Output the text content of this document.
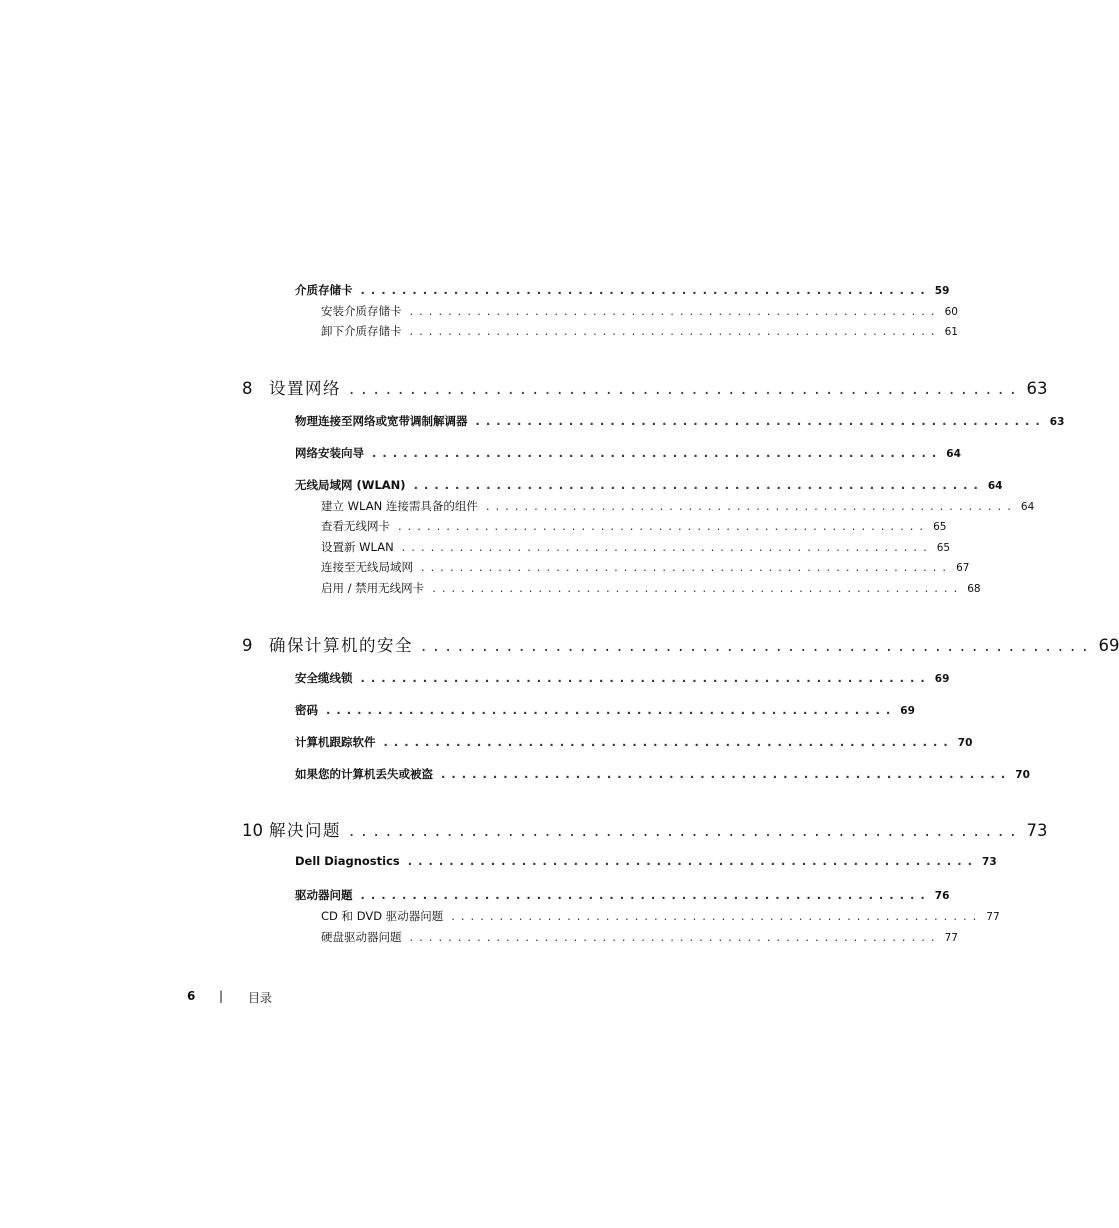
介质存储卡 ....................................................... 59
安装介质存储卡 ....................................................... 60
卸下介质存储卡 ....................................................... 61
8 设置网络 ....................................................... 63
物理连接至网络或宽带调制解调器 ....................................................... 63
网络安装向导 ....................................................... 64
无线局域网 (WLAN) ....................................................... 64
建立 WLAN 连接需具备的组件 ....................................................... 64
查看无线网卡 ....................................................... 65
设置新 WLAN ....................................................... 65
连接至无线局域网 ....................................................... 67
启用 / 禁用无线网卡 ....................................................... 68
9 确保计算机的安全 ....................................................... 69
安全缆线锁 ....................................................... 69
密码 ....................................................... 69
计算机跟踪软件 ....................................................... 70
如果您的计算机丢失或被盗 ....................................................... 70
10 解决问题 ....................................................... 73
Dell Diagnostics ....................................................... 73
驱动器问题 ....................................................... 76
CD 和 DVD 驱动器问题 ....................................................... 77
硬盘驱动器问题 ....................................................... 77
6 | 目录
